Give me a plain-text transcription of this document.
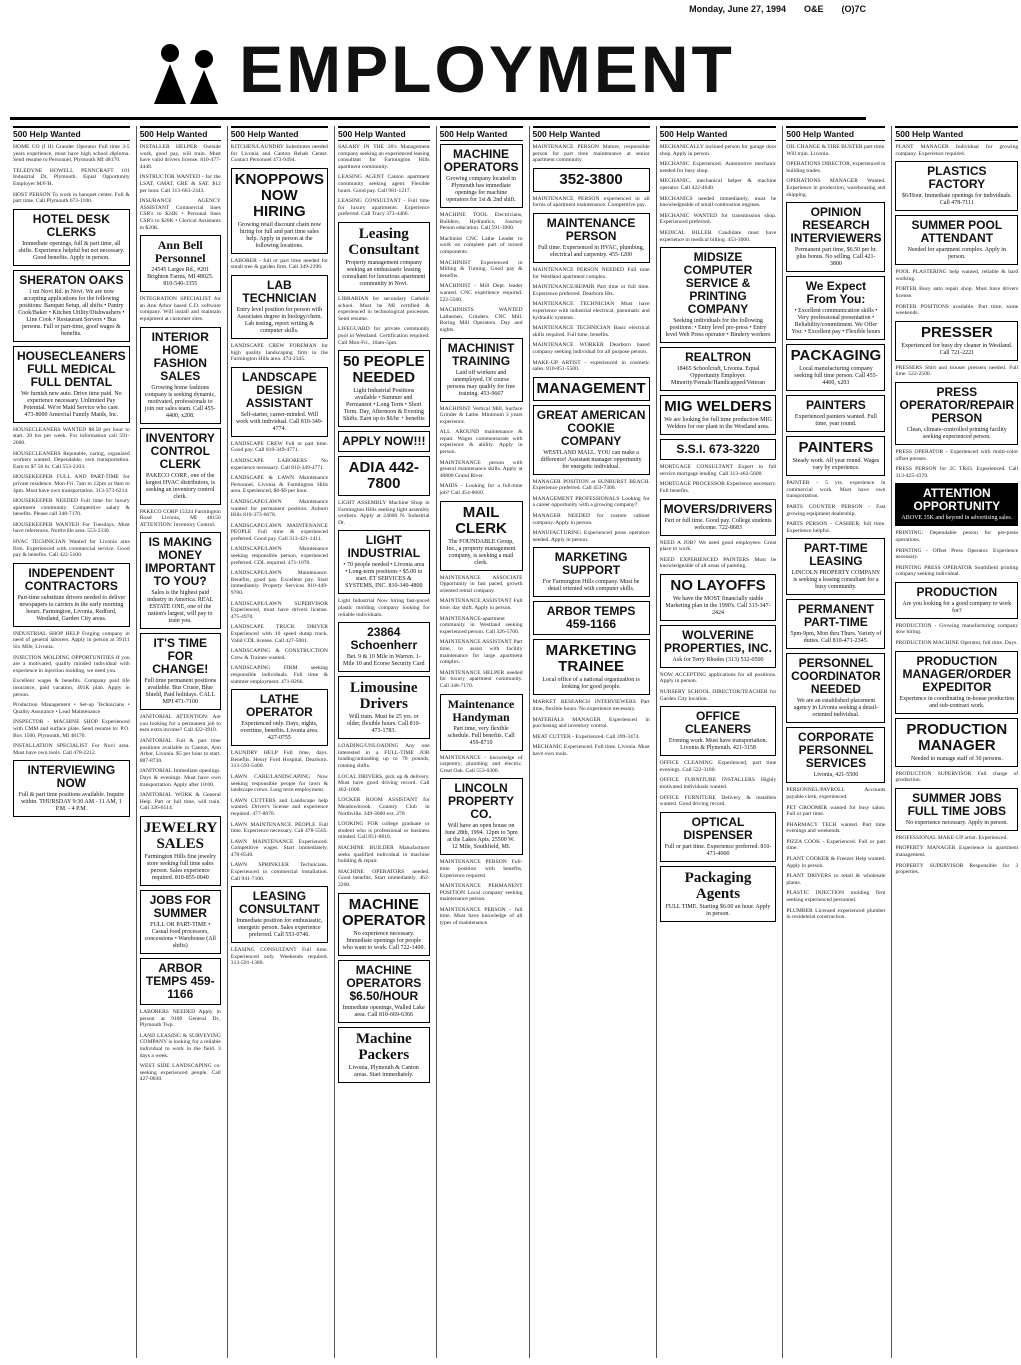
Monday, June 27, 1994 O&E (O)7C
EMPLOYMENT
500 Help Wanted
HOME CO (I II) Grander Operator Full time 3-5 years experience, must have high school diploma. Send resume to Personnel, Plymouth MI 48170.
TELEDYNE HOWELL PENNCRAFT 101 Industrial Dr, Plymouth. Equal Opportunity Employer M/F/H.
HOST PERSON To work in banquet center. Full & part time. Call Plymouth 673-1100.
HOTEL DESK CLERKS
Immediate openings, full & part time, all shifts. Experience helpful but not necessary. Good benefits. Apply in person.
SHERATON OAKS
1 mi Novi Rd. in Novi. We are now accepting applications for the following positions: Banquet Setup, all shifts • Pantry Cook/Baker • Kitchen Utility/Dishwashers • Line Cook • Restaurant Servers • Bus persons. Full or part-time, good wages & benefits.
HOUSECLEANERS FULL MEDICAL FULL DENTAL
We furnish new auto. Drive time paid. No experience necessary. Unlimited Pay Potential. We're Maid Service who care. 473-8000 Amercial Family Maids, Inc.
HOUSECLEANERS WANTED $8.50 per hour to start. 20 hrs per week. For information call 591-2600.
HOUSECLEANERS Reputable, caring, organized workers wanted. Dependable, own transportation. Earn to $7.50 hr. Call 553-2103.
HOUSEKEEPER FULL AND PART-TIME for private residence. Mon-Fri. 7am to 12pm or 8am to 4pm. Must have own transportation. 313-373-6214.
HOUSEKEEPER NEEDED Full time for luxury apartment community. Competitive salary & benefits. Please call 348-7170.
HOUSEKEEPER WANTED For Tuesdays. Must have references. Northville area. 553-2330.
HVAC TECHNICIAN Wanted for Livonia area firm. Experienced with commercial service. Good pay & benefits. Call 422-5100.
INDEPENDENT CONTRACTORS
Part-time substitute drivers needed to deliver newspapers to carriers in the early morning hours. Farmington, Livonia, Redford, Westland, Garden City areas.
INDUSTRIAL SHOP HELP Forging company in need of general laborers. Apply in person at 39111 Six Mile, Livonia.
INJECTION MOLDING OPPORTUNITIES If you are a motivated, quality minded individual with experience in injection molding, we need you.
Excellent wages & benefits. Company paid life insurance, paid vacation, 401K plan. Apply in person.
Production Management • Set-up Technicians • Quality Assurance • Lead Maintenance
INSPECTOR - MACHINE SHOP Experienced with CMM and surface plate. Send resume to: P.O. Box 1500, Plymouth, MI 48170.
INSTALLATION SPECIALIST For Novi area. Must have own tools. Call 478-2212.
INTERVIEWING NOW
Full & part time positions available. Inquire within. THURSDAY 9:30 AM - 11 AM, 1 P.M. - 4 P.M.
500 Help Wanted
INSTALLER HELPER Outside work, good pay, will train. Must have valid drivers license. 810-477-4448.
INSTRUCTOR WANTED - for the LSAT, GMAT, GRE & SAT. $12 per hour. Call 313-663-2343.
INSURANCE AGENCY ASSISTANT Commercial lines CSR's to $24K • Personal lines CSR's to $20K • Clerical Assistants to $20K.
Ann Bell Personnel
24545 Larges Rd., #201 Brighton Farms, MI 48025. 810-540-3355
INTEGRATION SPECIALIST for an Ann Arbor based C.D. software company. Will install and maintain equipment at customer sites.
INTERIOR HOME FASHION SALES
Growing home fashions company is seeking dynamic, motivated, professionals to join our sales team. Call 455-4400, x208.
INVENTORY CONTROL CLERK
PAKECO CORP., one of the largest HVAC distributors, is seeking an inventory control clerk.
PAKECO CORP 15324 Farmington Road Livonia, MI 48150 ATTENTION: Inventory Control.
IS MAKING MONEY IMPORTANT TO YOU?
Sales is the highest paid industry in America. REAL ESTATE ONE, one of the nation's largest, will pay to train you.
IT'S TIME FOR CHANGE!
Full time permanent positions available. Bus Crusie, Blue Shield, Paid holidays. CALL MPI 471-7100
JANITORIAL ATTENTION: Are you looking for a permanent job to earn extra income? Call 422-3910.
JANITORIAL Full & part time positions available in Canton, Ann Arbor, Livonia. $5 per hour to start. 887-8730.
JANITORIAL Immediate openings. Days & evenings. Must have own transportation. Apply after 10:00.
JANITORIAL WORK & General Help. Part or full time, will train. Call 326-6514.
JEWELRY SALES
Farmington Hills fine jewelry store seeking full time sales person. Sales experience required. 810-855-0040
JOBS FOR SUMMER
FULL OR PART-TIME • Casual food processors, concessions • Warehouse (All shifts)
ARBOR TEMPS 459-1166
LABORERS NEEDED Apply in person at 9100 General Dr., Plymouth Twp.
LAND LEASING & SURVEYING COMPANY is looking for a reliable individual to work in the field. 3 days a week.
WEST SIDE LANDSCAPING co. seeking experienced people. Call 427-0030.
500 Help Wanted
KITCHEN/LAUNDRY Substitutes needed for Livonia and Canton Rehab Center. Contact Personnel 473-9494.
KNOPPOWS NOW HIRING
Growing retail discount chain now hiring for full and part time sales help. Apply in person at the following locations.
LABORER - full or part time needed for small tree & garden firm. Call 349-2396.
LAB TECHNICIAN
Entry level position for person with Associates degree in biology/chem. Lab testing, report writing & computer skills.
LANDSCAPE CREW FOREMAN for high quality landscaping firm in the Farmington Hills area. 474-2345.
LANDSCAPE DESIGN ASSISTANT
Self-starter, career-minded. Will work with individual. Call 810-349-4774.
LANDSCAPE CREW Full or part time. Good pay. Call 810-349-4771.
LANDSCAPE LABORERS No experience necessary. Call 810-349-4771.
LANDSCAPE & LAWN Maintenance Personnel, Livonia & Farmington Hills area. Experienced, $6-$9 per hour.
LANDSCAPE/LAWN Maintenance wanted for permanent position. Auburn Hills 810-373-6678.
LANDSCAPE/LAWN MAINTENANCE PEOPLE Full time & experienced preferred. Good pay. Call 313-421-1411.
LANDSCAPE/LAWN Maintenance seeking responsible person, experienced preferred. CDL required. 471-1070.
LANDSCAPE/LAWN Maintenance. Benefits, good pay. Excellent pay. Start immediately. Property Services 810-449-9700.
LANDSCAPE/LAWN SUPERVISOR Experienced, must have drivers license. 475-4970.
LANDSCAPE TRUCK DRIVER Experienced with 10 speed dump truck. Valid CDL license. Call 427-5001.
LANDSCAPING & CONSTRUCTION Crew & Trainee wanted.
LANDSCAPING FIRM seeking responsible individuals. Full time & summer employment. 471-8266.
LATHE OPERATOR
Experienced only. Days, nights, overtime, benefits. Livonia area. 427-0755
LAUNDRY HELP Full time, days. Benefits. Henry Ford Hospital, Dearborn. 313-593-5400.
LAWN CARE/LANDSCAPING Now seeking responsible people for lawn & landscape crews. Long term employment.
LAWN CUTTERS and Landscape help wanted. Driver's license and experience required. 477-8870.
LAWN MAINTENANCE PEOPLE Full time. Experience necessary. Call 478-5565.
LAWN MAINTENANCE Experienced. Competitive wages. Start immediately. 478-8540.
LAWN SPRINKLER Technicians. Experienced in commercial installation. Call 941-7100.
LEASING CONSULTANT
Immediate position for enthusiastic, energetic person. Sales experience preferred. Call 553-0740.
LEASING CONSULTANT Full time. Experienced only. Weekends required. 313-591-1380.
500 Help Wanted
SALARY IN THE 20's Management company seeking an experienced leasing consultant for Farmington Hills apartment community.
LEASING AGENT Canton apartment community seeking agent. Flexible hours. Good pay. Call 981-1217.
LEASING CONSULTANT - Full time for luxury apartments. Experience preferred. Call Tracy 373-4466.
Leasing Consultant
Property management company seeking an enthusiastic leasing consultant for luxurious apartment community in Novi.
LIBRARIAN for secondary Catholic school. Must be MI certified & experienced in technological processes. Send resume.
LIFEGUARD for private community pool in Westland. Certification required. Call Mon-Fri., 10am-5pm.
50 PEOPLE NEEDED
Light Industrial Positions available • Summer and Permanent • Long Term • Short Term. Day, Afternoon & Evening Shifts. Earn up to $6/hr + benefits
APPLY NOW!!!
ADIA 442-7800
LIGHT ASSEMBLY Machine Shop in Farmington Hills seeking light assembly workers. Apply at 24600 N. Industrial Dr.
LIGHT INDUSTRIAL
• 70 people needed • Livonia area • Long-term positions • $5.00 to start. ET SERVICES & SYSTEMS, INC. 810-349-4800
Light Industrial Now hiring fast-paced plastic molding company looking for reliable individuals.
23864 Schoenherr
Bet. 9 & 10 Mile in Warren. 1-Mile 10 and Ecorse Security Card
Limousine Drivers
Will train. Must be 25 yrs. or older, flexible hours. Call 810-473-1783.
LOADING/UNLOADING Any one interested in a FULL-TIME JOB loading/unloading up to 70 pounds, rotating shifts.
LOCAL DRIVERS, pick up & delivery. Must have good driving record. Call 462-1600.
LOCKER ROOM ASSISTANT for Meadowbrook Country Club in Northville. 349-3600 ext. 278
LOOKING FOR college graduate or student who is professional or business minded. Call 851-8810.
MACHINE BUILDER Manufacturer seeks qualified individual in machine building & repair.
MACHINE OPERATORS needed. Good benefits. Start immediately. 462-2200.
MACHINE OPERATOR
No experience necessary. Immediate openings for people who want to work. Call 722-1400.
MACHINE OPERATORS $6.50/HOUR
Immediate openings, Walled Lake area. Call 810-669-6366
Machine Packers
Livonia, Plymouth & Canton areas. Start immediately.
500 Help Wanted
MACHINE OPERATORS
Growing company located in Plymouth has immediate openings for machine operators for 1st & 2nd shift.
MACHINE TOOL Electricians, Builders, Hydraulics, Journey Person education. Call 591-3900.
Machinist CNC Lathe Leader to work on complete part of turned components.
MACHINIST Experienced in Milling & Turning. Good pay & benefits.
MACHINIST - Mill Dept. leader wanted. CNC experience required. 522-5500.
MACHINISTS WANTED Lathemen, Grinders. CNC Mill. Boring Mill Operators. Day and nights.
MACHINIST TRAINING
Laid off workers and unemployed. Of course persons may qualify for free training. 453-9667
MACHINIST Vertical Mill, Surface Grinder & Lathe. Minimum 3 years experience.
ALL AROUND maintenance & repair. Wages commensurate with experience & ability. Apply in person.
MAINTENANCE person with general maintenance skills. Apply at 48800 Grand River.
MAIDS - Looking for a full-time job? Call 454-8660.
MAIL CLERK
The FOUNDABLE Group, Inc., a property management company, is seeking a mail clerk.
MAINTENANCE ASSOCIATE Opportunity in fast paced, growth oriented rental company.
MAINTENANCE ASSISTANT Full time, day shift. Apply in person.
MAINTENANCE-apartment community in Westland seeking experienced person. Call 326-5700.
MAINTENANCE ASSISTANT Part time, to assist with facility maintenance for large apartment complex.
MAINTENANCE HELPER needed for luxury apartment community. Call 348-7170.
Maintenance Handyman
Part time, very flexible schedule. Full benefits. Call 459-8710
MAINTENANCE - knowledge of carpentry, plumbing and electric. Great Oak. Call 553-0300.
LINCOLN PROPERTY CO.
Will have an open house on June 28th, 1994. 12pm to 5pm at the Lakes Apts. 25500 W. 12 Mile, Southfield, MI.
MAINTENANCE PERSON Full-time position with benefits. Experience required.
MAINTENANCE PERMANENT POSITION Local company seeking maintenance person.
MAINTENANCE PERSON - full time. Must have knowledge of all types of maintenance.
500 Help Wanted
MAINTENANCE PERSON Mature, responsible person for part time maintenance at senior apartment community.
352-3800
MAINTENANCE PERSON experienced in all forms of apartment maintenance. Competitive pay.
MAINTENANCE PERSON
Full time. Experienced in HVAC, plumbing, electrical and carpentry. 455-1200
MAINTENANCE PERSON NEEDED Full time for Westland apartment complex.
MAINTENANCE/REPAIR Part time or full time. Experience preferred. Dearborn Hts.
MAINTENANCE TECHNICIAN Must have experience with industrial electrical, pneumatic and hydraulic systems.
MAINTENANCE TECHNICIAN Basic electrical skills required. Full time, benefits.
MAINTENANCE WORKER Dearborn based company seeking individual for all purpose person.
MAKE-UP ARTIST - experienced in cosmetic sales. 810-851-5500.
MANAGEMENT
GREAT AMERICAN COOKIE COMPANY
WESTLAND MALL. YOU can make a difference! Assistant manager opportunity for energetic individual.
MANAGER POSITION at SUNBURST BEACH. Experience preferred. Call 453-7300.
MANAGEMENT PROFESSIONALS Looking for a career opportunity with a growing company?
MANAGER NEEDED for custom cabinet company. Apply in person.
MANUFACTURING Experienced press operators needed. Apply in person.
MARKETING SUPPORT
For Farmington Hills company. Must be detail oriented with computer skills.
ARBOR TEMPS 459-1166
MARKETING TRAINEE
Local office of a national organization is looking for good people.
MARKET RESEARCH INTERVIEWERS Part time, flexible hours. No experience necessary.
MATERIALS MANAGER Experienced in purchasing and inventory control.
MEAT CUTTER - Experienced. Call 399-3474.
MECHANIC Experienced. Full time. Livonia. Must have own tools.
500 Help Wanted
MECHANICALLY inclined person for garage door shop. Apply in person.
MECHANIC Experienced. Automotive mechanic needed for busy shop.
MECHANIC, mechanical helper & machine operator. Call 422-4640.
MECHANICS needed immediately, must be knowledgeable of small combustion engines.
MECHANIC WANTED for transmission shop. Experienced preferred.
MEDICAL BILLER Candidate must have experience in medical billing. 453-3000.
MIDSIZE COMPUTER SERVICE & PRINTING COMPANY
Seeking individuals for the following positions: • Entry level pre-press • Entry level Web Press operator • Bindery workers
REALTRON
18465 Schoolcraft, Livonia. Equal Opportunity Employer. Minority/Female/Handicapped/Veteran
MIG WELDERS
We are looking for full time production MIG Welders for our plant in the Westland area.
S.S.I. 673-3220
MORTGAGE CONSULTANT Expert in full service mortgage lending. Call 313-462-5600.
MORTGAGE PROCESSOR Experience necessary. Full benefits.
MOVERS/DRIVERS
Part or full time. Good pay. College students welcome. 722-8683
NEED A JOB? We need good employees. Great place to work.
NEED EXPERIENCED PAINTERS Must be knowledgeable of all areas of painting.
NO LAYOFFS
We have the MOST financially stable Marketing plan in the 1990's. Call 313-347-2424
WOLVERINE PROPERTIES, INC.
Ask for Terry Rhodes (313) 532-0500
NOW ACCEPTING applications for all positions. Apply in person.
NURSERY SCHOOL DIRECTOR/TEACHER for Garden City location.
OFFICE CLEANERS
Evening work. Must have transportation. Livonia & Plymouth. 421-3158
OFFICE CLEANING Experienced, part time evenings. Call 522-3180.
OFFICE FURNITURE INSTALLERS Highly motivated individuals wanted.
OFFICE FURNITURE Delivery & installers wanted. Good driving record.
OPTICAL DISPENSER
Full or part time. Experience preferred. 810-473-4000
Packaging Agents
FULL TIME. Starting $6.00 an hour. Apply in person.
500 Help Wanted
OIL CHANGE & TIRE BUSTER part time. Will train. Livonia.
OPERATIONS DIRECTOR, experienced in building trades.
OPERATIONS MANAGER Wanted. Experience in production, warehousing and shipping.
OPINION RESEARCH INTERVIEWERS
Permanent part time, $6.50 per hr. plus bonus. No selling. Call 421-3800
We Expect From You:
• Excellent communication skills • Very professional presentation • Reliability/commitment. We Offer You: • Excellent pay • Flexible hours
PACKAGING
Local manufacturing company seeking full time person. Call 455-4400, x203
PAINTERS
Experienced painters wanted. Full time, year round.
PAINTERS
Steady work. All year round. Wages vary by experience.
PAINTER - 5 yrs. experience in commercial work. Must have own transportation.
PARTS COUNTER PERSON - Fast growing equipment dealership.
PARTS PERSON - CASHIER, full time. Experience helpful.
PART-TIME LEASING
LINCOLN PROPERTY COMPANY is seeking a leasing consultant for a busy community.
PERMANENT PART-TIME
5pm-9pm, Mon thru Thurs. Variety of duties. Call 810-471-2345.
PERSONNEL COORDINATOR NEEDED
We are an established placement agency in Livonia seeking a detail-oriented individual.
CORPORATE PERSONNEL SERVICES
Livonia, 421-5500
PERSONNEL/PAYROLL Accounts payable clerk, experienced.
PET GROOMER wanted for busy salon. Full or part time.
PHARMACY TECH wanted. Part time evenings and weekends.
PIZZA COOK - Experienced. Full or part time.
PLANT COOKER & Freezer Help wanted. Apply in person.
PLANT DRIVERS to retail & wholesale plants.
PLASTIC INJECTION molding firm seeking experienced personnel.
PLUMBER Licensed experienced plumber in residential construction.
500 Help Wanted
PLANT MANAGER Individual for growing company. Experience required.
PLASTICS FACTORY
$6/Hour. Immediate openings for individuals. Call 478-7111
SUMMER POOL ATTENDANT
Needed for apartment complex. Apply in person.
POOL PLASTERING help wanted, reliable & hard working.
PORTER Busy auto repair shop. Must have drivers license.
PORTER POSITIONS available. Part time, some weekends.
PRESSER
Experienced for busy dry cleaner in Westland. Call 721-2221
PRESSERS Shirt and trouser pressers needed. Full time. 522-2500.
PRESS OPERATOR/REPAIR PERSON
Clean, climate-controlled printing facility seeking experienced person.
PRESS OPERATOR - Experienced with multi-color offset presses.
PRESS PERSON for 2C TR43. Experienced. Call 313-425-4370.
ATTENTION OPPORTUNITY
ABOVE 35K and beyond in advertising sales.
PRINTING: Dependable person for pre-press operations.
PRINTING - Offset Press Operator. Experience necessary.
PRINTING PRESS OPERATOR Southfield printing company seeking individual.
PRODUCTION
Are you looking for a good company to work for?
PRODUCTION - Growing manufacturing company now hiring.
PRODUCTION MACHINE Operator, full time. Days.
PRODUCTION MANAGER/ORDER EXPEDITOR
Experience in coordinating in-house production and sub-contract work.
PRODUCTION MANAGER
Needed to manage staff of 30 persons.
PRODUCTION SUPERVISOR Full charge of production.
SUMMER JOBS FULL TIME JOBS
No experience necessary. Apply in person.
PROFESSIONAL MAKE-UP artist. Experienced.
PROPERTY MANAGER Experience in apartment management.
PROPERTY SUPERVISOR Responsible for 3 properties.
